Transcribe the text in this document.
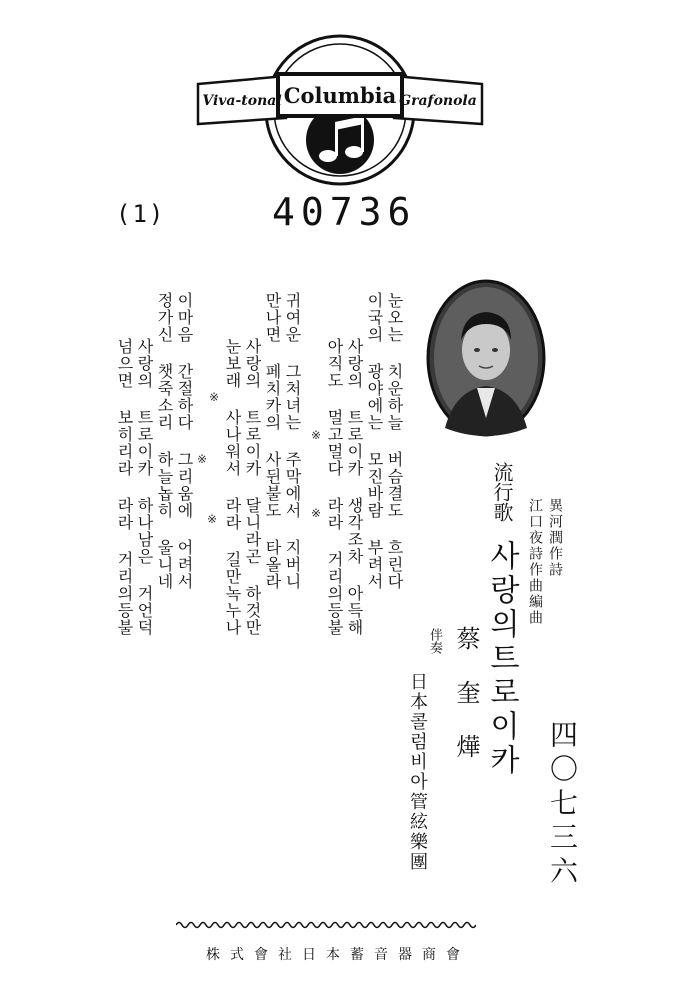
Columbia
Viva-tonal	Grafonola
(1)	40736
눈오는 치운하늘 버슴결도 흐린다
이국의 광야에는 모진바람 부려서
사랑의 트로이카 생각조차 아득해
아직도 멀고멀다 라라 거리의등불
※
※
귀여운 그처녀는 주막에서 지버니
만나면 페치카의 사뒨불도 타올라
사랑의 트로이카 달니라곤 하것만
눈보래 사나워서 라라 길만녹누나
※
※
※
이마음 간절하다 그리움에 어려서
정가신 챗죽소리 하늘놉히 울니네
사랑의 트로이카 하나남은 거언덕
넘으면 보히리라 라라 거리의등불	流行歌
사랑의트로이카
異河潤作詩
江口夜詩作曲編曲
蔡奎燁
伴奏
日本콜럼비아管絃樂團	四〇七三六
株式會社日本蓄音器商會
